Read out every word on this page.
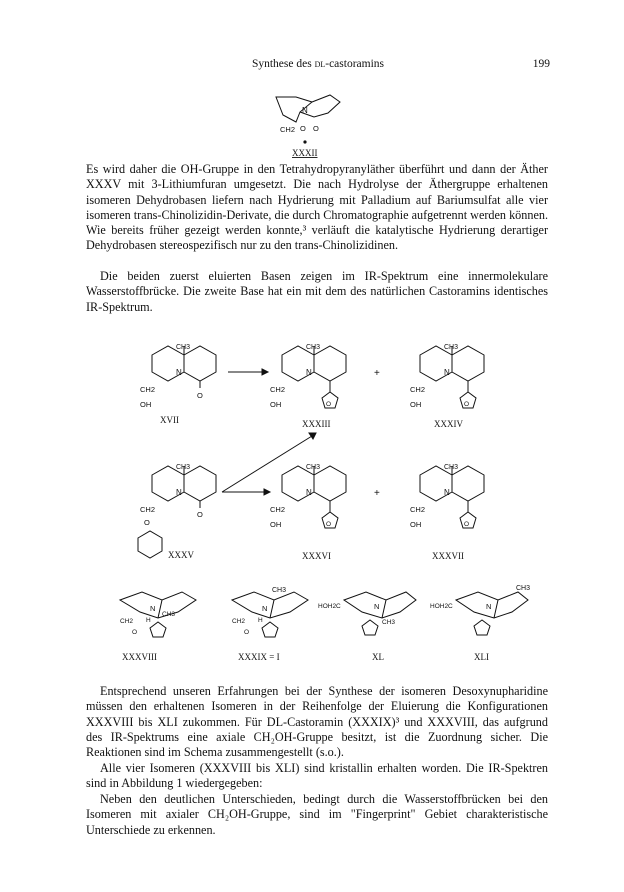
Synthese des dl-castoramins	199
N
CH2 O O
XXXII
CH3
N
O
CH2
OH
XVII
CH3
N
O
CH2
OH
XXXIII
+
CH3
N
O
CH2
OH
XXXIV
CH3
N
O
CH2
O
XXXV
CH3
N
O
CH2
OH
XXXVI
+
CH3
N
O
CH2
OH
XXXVII
N
CH3
CH2 H
O
XXXVIII
CH3
N
CH2 H
O
XXXIX = I
HOH2C	N
CH3
XL
HOH2C
CH3
N
XLI

Es wird daher die OH-Gruppe in den Tetrahydropyranyläther überführt und dann der Äther XXXV mit 3-Lithiumfuran umgesetzt. Die nach Hydrolyse der Äthergruppe erhaltenen isomeren Dehydrobasen liefern nach Hydrierung mit Palladium auf Bariumsulfat alle vier isomeren trans-Chinolizidin-Derivate, die durch Chromatographie aufgetrennt werden können. Wie bereits früher gezeigt werden konnte,³ verläuft die katalytische Hydrierung derartiger Dehydrobasen stereospezifisch nur zu den trans-Chinolizidinen.

Die beiden zuerst eluierten Basen zeigen im IR-Spektrum eine innermolekulare Wasserstoffbrücke. Die zweite Base hat ein mit dem des natürlichen Castoramins identisches IR-Spektrum.

Entsprechend unseren Erfahrungen bei der Synthese der isomeren Desoxynupharidine müssen den erhaltenen Isomeren in der Reihenfolge der Eluierung die Konfigurationen XXXVIII bis XLI zukommen. Für DL-Castoramin (XXXIX)³ und XXXVIII, das aufgrund des IR-Spektrums eine axiale CH₂OH-Gruppe besitzt, ist die Zuordnung sicher. Die Reaktionen sind im Schema zusammengestellt (s.o.).

Alle vier Isomeren (XXXVIII bis XLI) sind kristallin erhalten worden. Die IR-Spektren sind in Abbildung 1 wiedergegeben:

Neben den deutlichen Unterschieden, bedingt durch die Wasserstoffbrücken bei den Isomeren mit axialer CH₂OH-Gruppe, sind im "Fingerprint" Gebiet charakteristische Unterschiede zu erkennen.
